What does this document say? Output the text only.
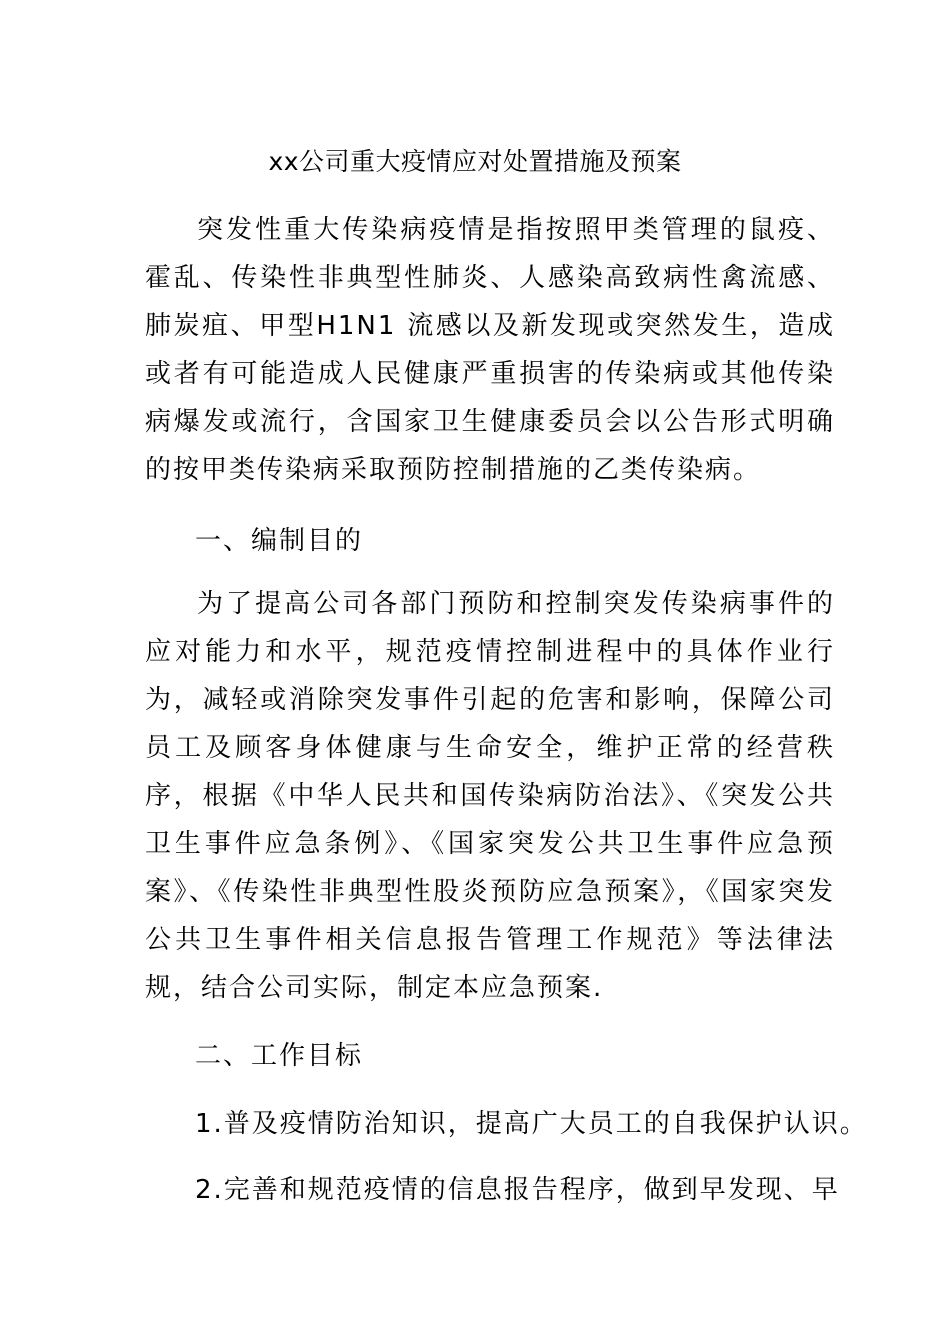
xx公司重大疫情应对处置措施及预案

突发性重大传染病疫情是指按照甲类管理的鼠疫、霍乱、传染性非典型性肺炎、人感染高致病性禽流感、肺炭疽、甲型H1N1 流感以及新发现或突然发生，造成或者有可能造成人民健康严重损害的传染病或其他传染病爆发或流行，含国家卫生健康委员会以公告形式明确的按甲类传染病采取预防控制措施的乙类传染病。

一、编制目的

为了提高公司各部门预防和控制突发传染病事件的应对能力和水平，规范疫情控制进程中的具体作业行为，减轻或消除突发事件引起的危害和影响，保障公司员工及顾客身体健康与生命安全，维护正常的经营秩序，根据《中华人民共和国传染病防治法》、《突发公共卫生事件应急条例》、《国家突发公共卫生事件应急预案》、《传染性非典型性股炎预防应急预案》，《国家突发公共卫生事件相关信息报告管理工作规范》等法律法规，结合公司实际，制定本应急预案.

二、工作目标

1.普及疫情防治知识，提高广大员工的自我保护认识。

2.完善和规范疫情的信息报告程序，做到早发现、早
